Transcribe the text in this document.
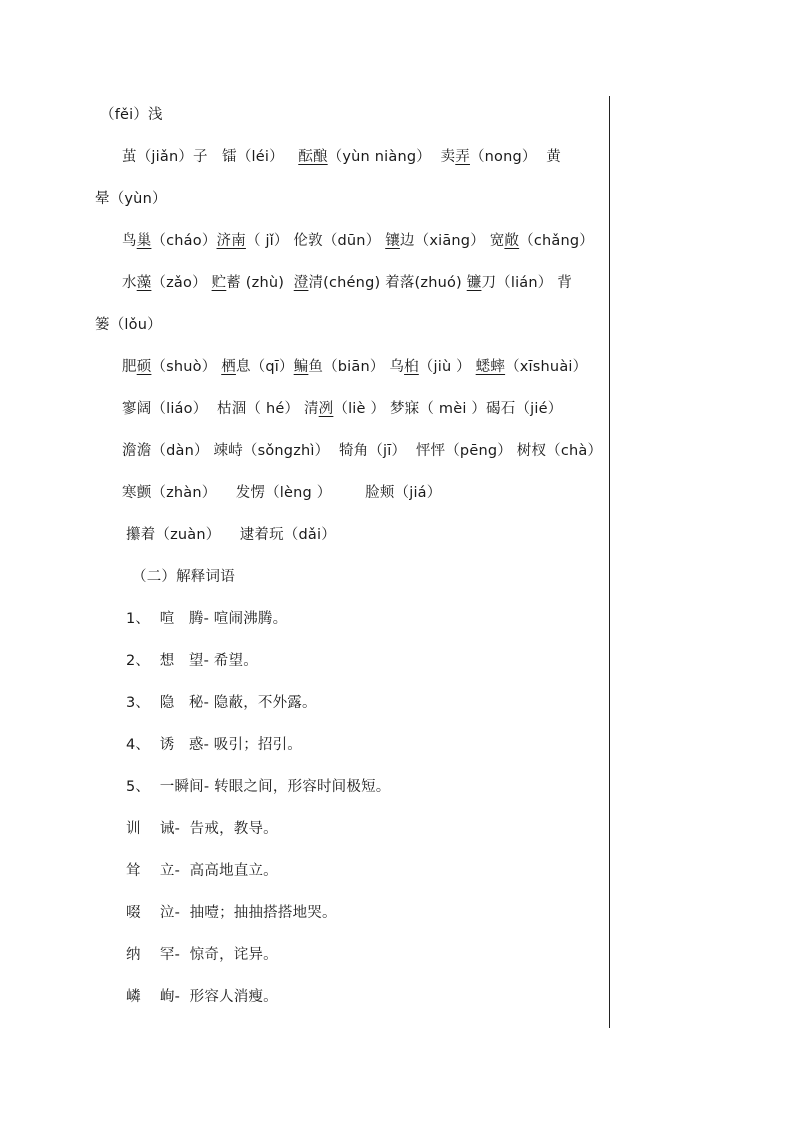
（fěi）浅
茧（jiǎn）子   镭（léi）   酝酿（yùn niàng）  卖弄（nong）  黄
晕（yùn）
鸟巢（cháo）济南（ jǐ） 伦敦（dūn） 镶边（xiāng） 宽敞（chǎng）
水藻（zǎo） 贮蓄 (zhù)  澄清(chéng) 着落(zhuó) 镰刀（lián） 背
篓（lǒu）
肥硕（shuò） 栖息（qī）鳊鱼（biān） 乌桕（jiù ） 蟋蟀（xīshuài）
寥阔（liáo）  枯涸（ hé） 清冽（liè ） 梦寐（ mèi ）碣石（jié）
澹澹（dàn） 竦峙（sǒngzhì）  犄角（jī）  怦怦（pēng） 树杈（chà）
寒颤（zhàn）    发愣（lèng ）       脸颊（jiá）
攥着（zuàn）    逮着玩（dǎi）
（二）解释词语
1、  喧   腾- 喧闹沸腾。
2、  想   望- 希望。
3、  隐   秘- 隐蔽，不外露。
4、  诱   惑- 吸引；招引。
5、  一瞬间- 转眼之间，形容时间极短。
训    诫-  告戒，教导。
耸    立-  高高地直立。
啜    泣-  抽噎；抽抽搭搭地哭。
纳    罕-  惊奇，诧异。
嶙    峋-  形容人消瘦。
